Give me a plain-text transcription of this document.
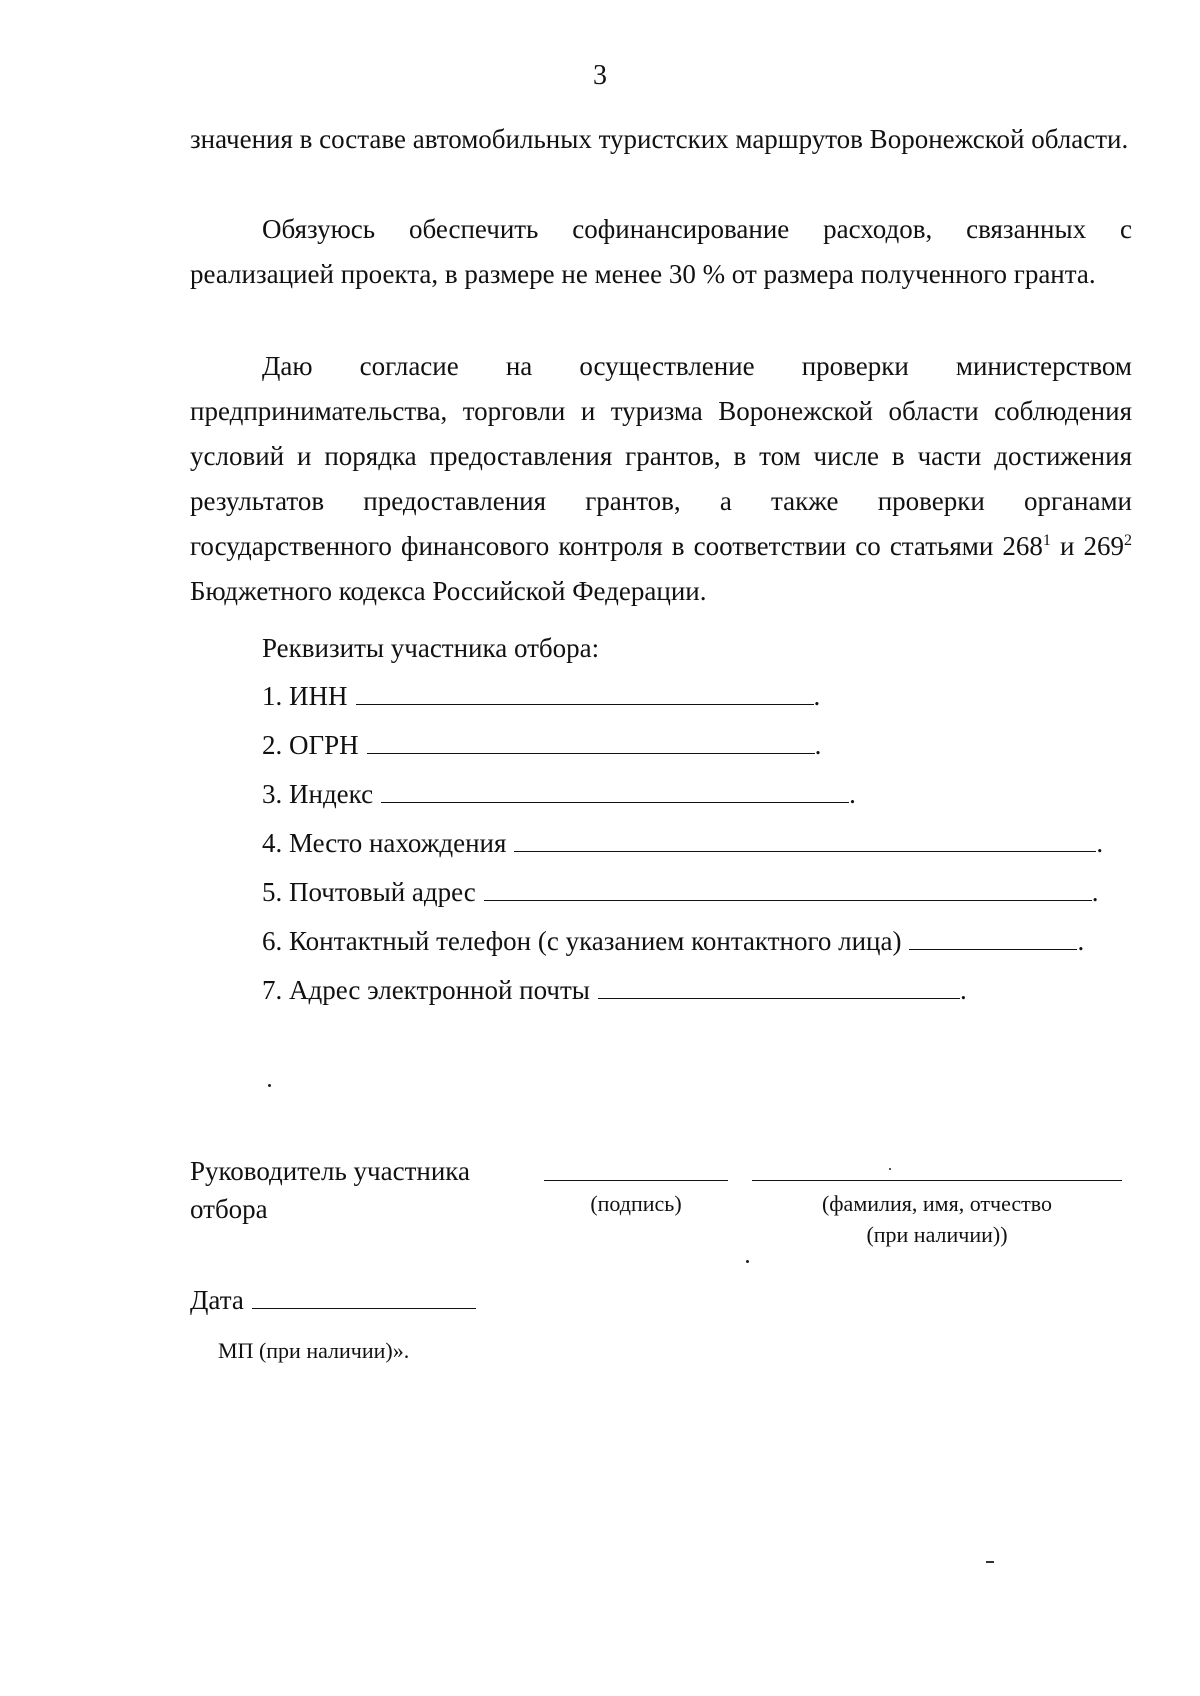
3

значения в составе автомобильных туристских маршрутов Воронежской области.

Обязуюсь обеспечить софинансирование расходов, связанных с реализацией проекта, в размере не менее 30 % от размера полученного гранта.

Даю согласие на осуществление проверки министерством предпринимательства, торговли и туризма Воронежской области соблюдения условий и порядка предоставления грантов, в том числе в части достижения результатов предоставления грантов, а также проверки органами государственного финансового контроля в соответствии со статьями $268^1$ и $269^2$ Бюджетного кодекса Российской Федерации.

Реквизиты участника отбора:
1. ИНН	.
2. ОГРН	.
3. Индекс	.
4. Место нахождения	.
5. Почтовый адрес	.
6. Контактный телефон (с указанием контактного лица)	.
7. Адрес электронной почты	.
Руководитель участника
отбора	(подпись)	(фамилия, имя, отчество
(при наличии))
Дата
МП (при наличии)».
